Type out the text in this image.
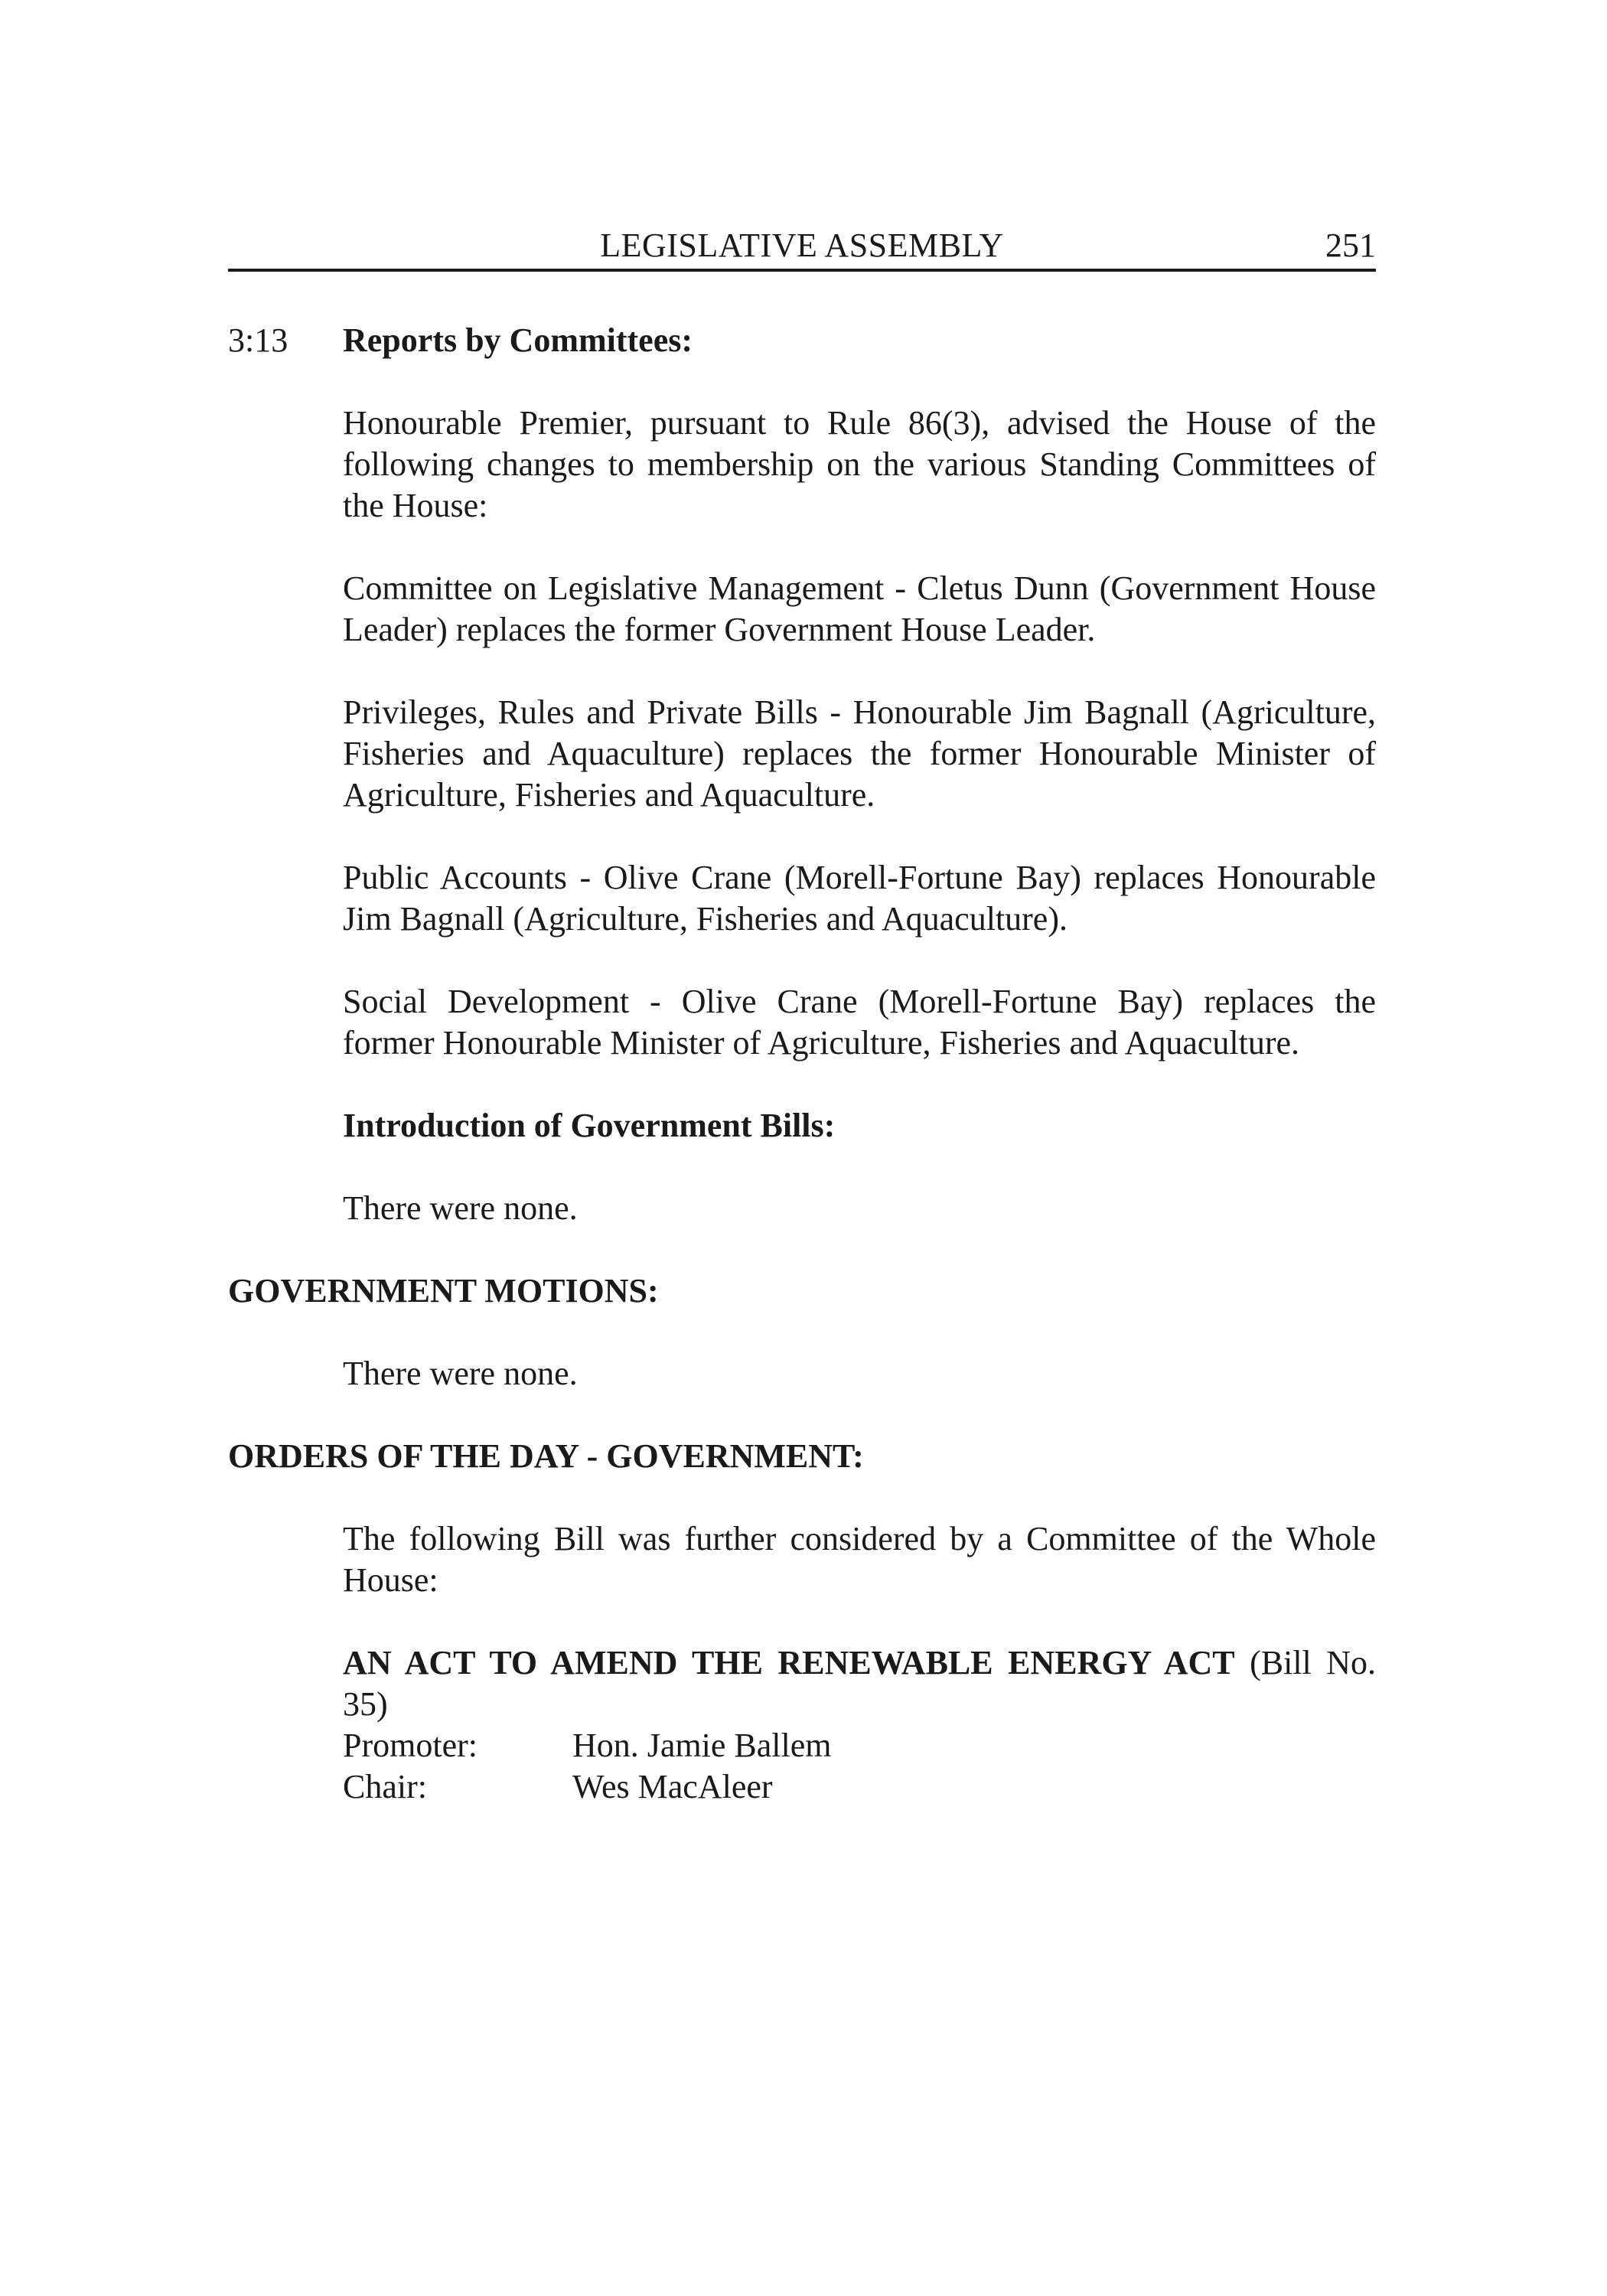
LEGISLATIVE ASSEMBLY	251
3:13 Reports by Committees:

Honourable Premier, pursuant to Rule 86(3), advised the House of the following changes to membership on the various Standing Committees of the House:

Committee on Legislative Management - Cletus Dunn (Government House Leader) replaces the former Government House Leader.

Privileges, Rules and Private Bills - Honourable Jim Bagnall (Agriculture, Fisheries and Aquaculture) replaces the former Honourable Minister of Agriculture, Fisheries and Aquaculture.

Public Accounts - Olive Crane (Morell-Fortune Bay) replaces Honourable Jim Bagnall (Agriculture, Fisheries and Aquaculture).

Social Development - Olive Crane (Morell-Fortune Bay) replaces the former Honourable Minister of Agriculture, Fisheries and Aquaculture.

Introduction of Government Bills:

There were none.

GOVERNMENT MOTIONS:

There were none.

ORDERS OF THE DAY - GOVERNMENT:

The following Bill was further considered by a Committee of the Whole House:

AN ACT TO AMEND THE RENEWABLE ENERGY ACT (Bill No.

35)

Promoter:	Hon. Jamie Ballem
Chair:	Wes MacAleer
